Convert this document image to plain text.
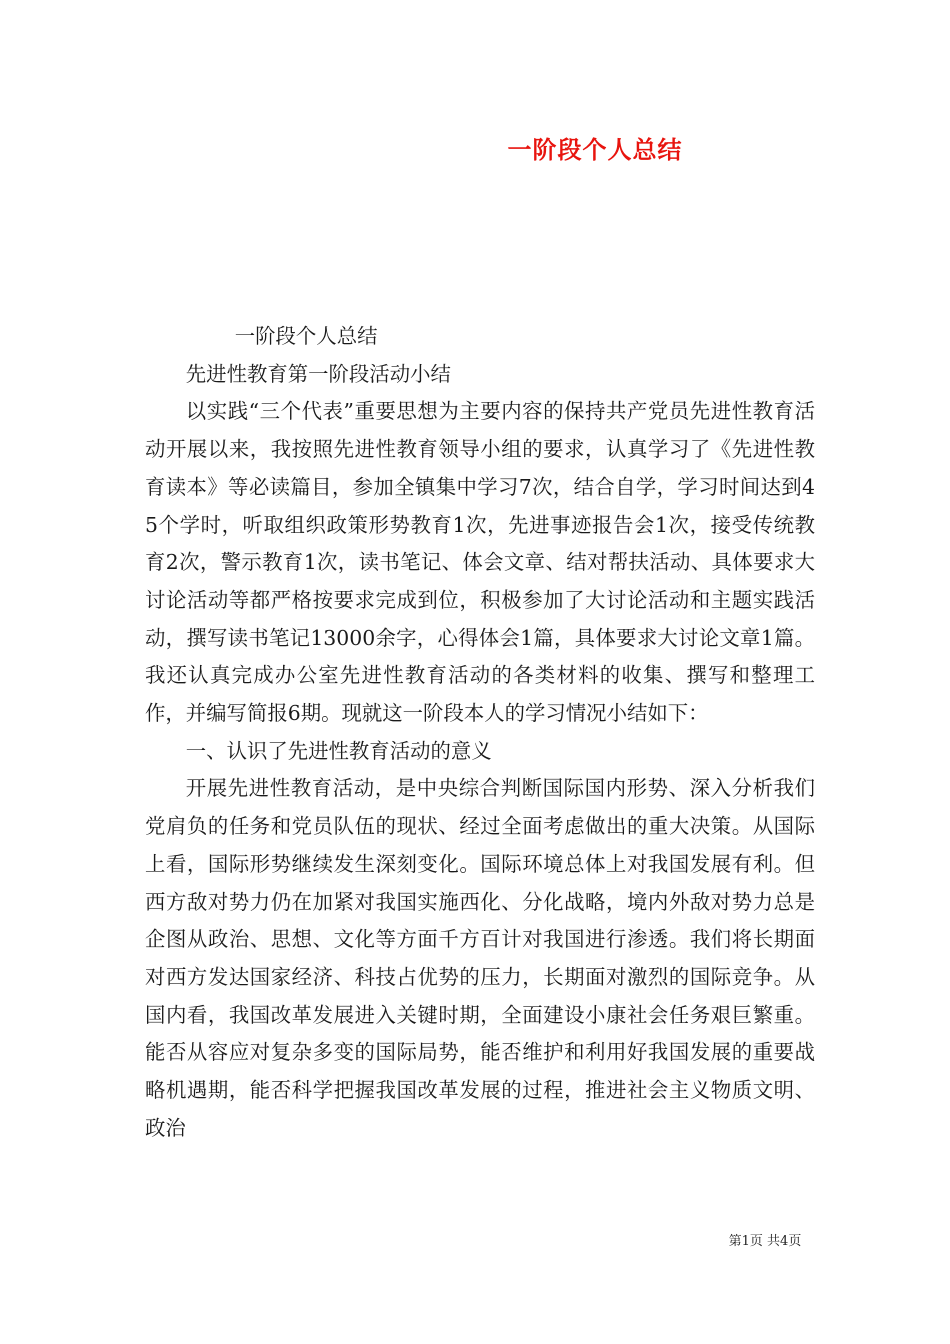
一阶段个人总结

一阶段个人总结

先进性教育第一阶段活动小结

以实践“三个代表”重要思想为主要内容的保持共产党员先进性教育活动开展以来，我按照先进性教育领导小组的要求，认真学习了《先进性教育读本》等必读篇目，参加全镇集中学习7次，结合自学，学习时间达到45个学时，听取组织政策形势教育1次，先进事迹报告会1次，接受传统教育2次，警示教育1次，读书笔记、体会文章、结对帮扶活动、具体要求大讨论活动等都严格按要求完成到位，积极参加了大讨论活动和主题实践活动，撰写读书笔记13000余字，心得体会1篇，具体要求大讨论文章1篇。我还认真完成办公室先进性教育活动的各类材料的收集、撰写和整理工作，并编写简报6期。现就这一阶段本人的学习情况小结如下：

一、认识了先进性教育活动的意义

开展先进性教育活动，是中央综合判断国际国内形势、深入分析我们党肩负的任务和党员队伍的现状、经过全面考虑做出的重大决策。从国际上看，国际形势继续发生深刻变化。国际环境总体上对我国发展有利。但西方敌对势力仍在加紧对我国实施西化、分化战略，境内外敌对势力总是企图从政治、思想、文化等方面千方百计对我国进行渗透。我们将长期面对西方发达国家经济、科技占优势的压力，长期面对激烈的国际竞争。从国内看，我国改革发展进入关键时期，全面建设小康社会任务艰巨繁重。能否从容应对复杂多变的国际局势，能否维护和利用好我国发展的重要战略机遇期，能否科学把握我国改革发展的过程，推进社会主义物质文明、政治

第1页 共4页
